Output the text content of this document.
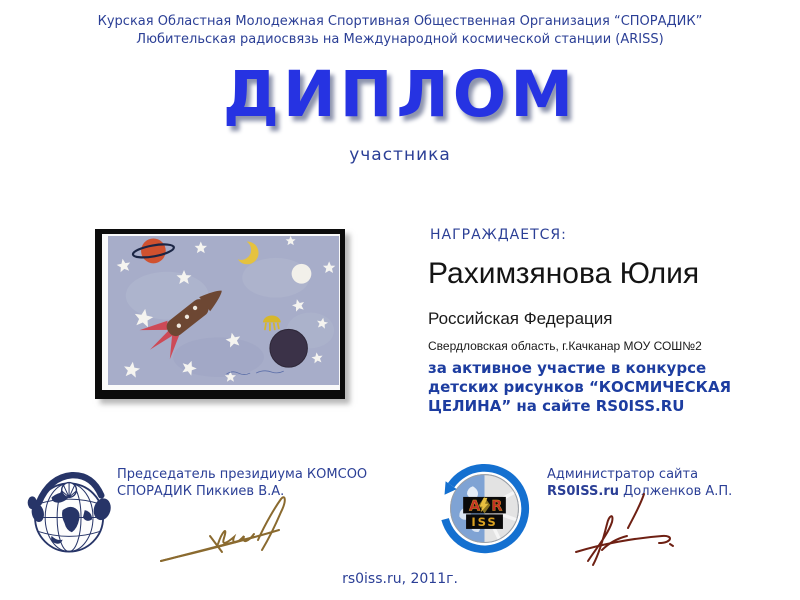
Курская Областная Молодежная Спортивная Общественная Организация “СПОРАДИК”
Любительская радиосвязь на Международной космической станции (ARISS)
ДИПЛОМ
участника
НАГРАЖДАЕТСЯ:
Рахимзянова Юлия
Российская Федерация
Свердловская область, г.Качканар МОУ СОШ№2
за активное участие в конкурсе детских рисунков “КОСМИЧЕСКАЯ ЦЕЛИНА” на сайте RS0ISS.RU
Председатель президиума КОМСОО
СПОРАДИК Пиккиев В.А.
A R
ISS
Администратор сайта
RS0ISS.ru Долженков А.П.
rs0iss.ru, 2011г.
